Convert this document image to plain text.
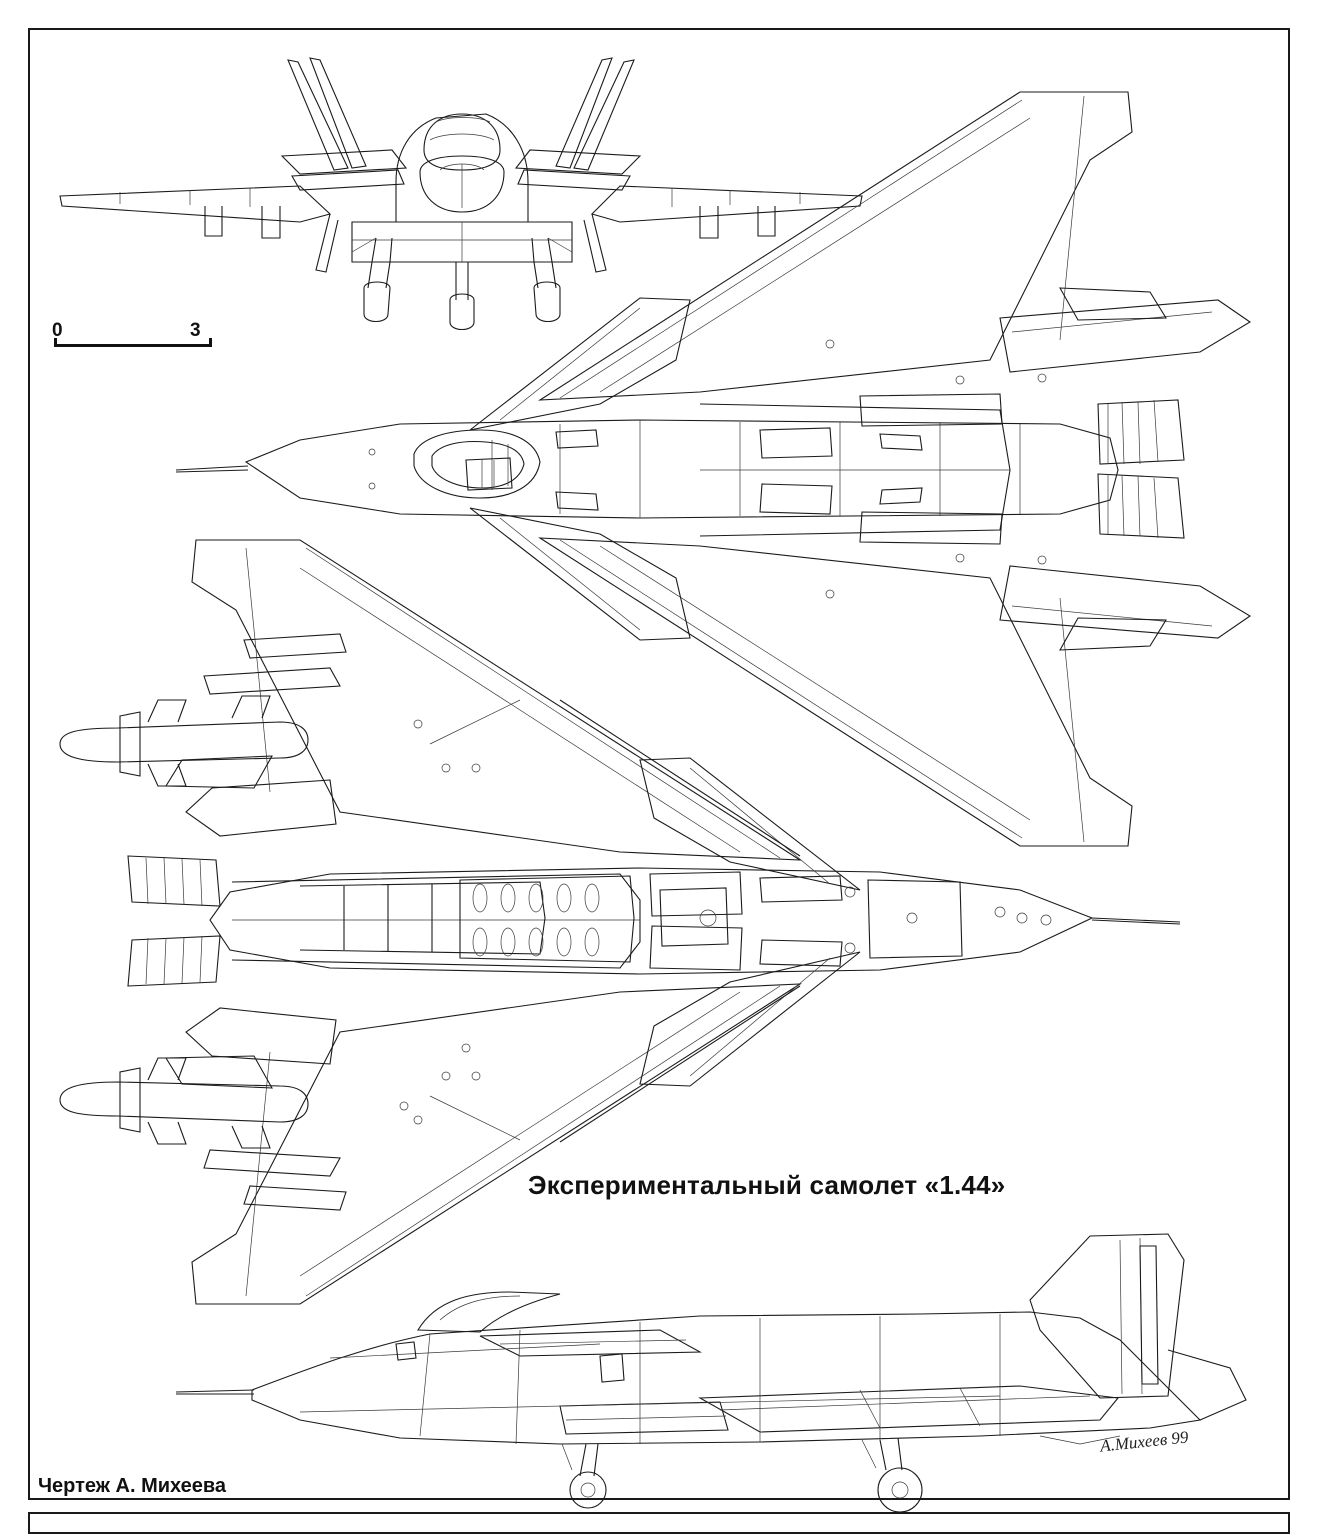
0	3
Экспериментальный самолет «1.44»
Чертеж А. Михеева
А.Михеев 99
